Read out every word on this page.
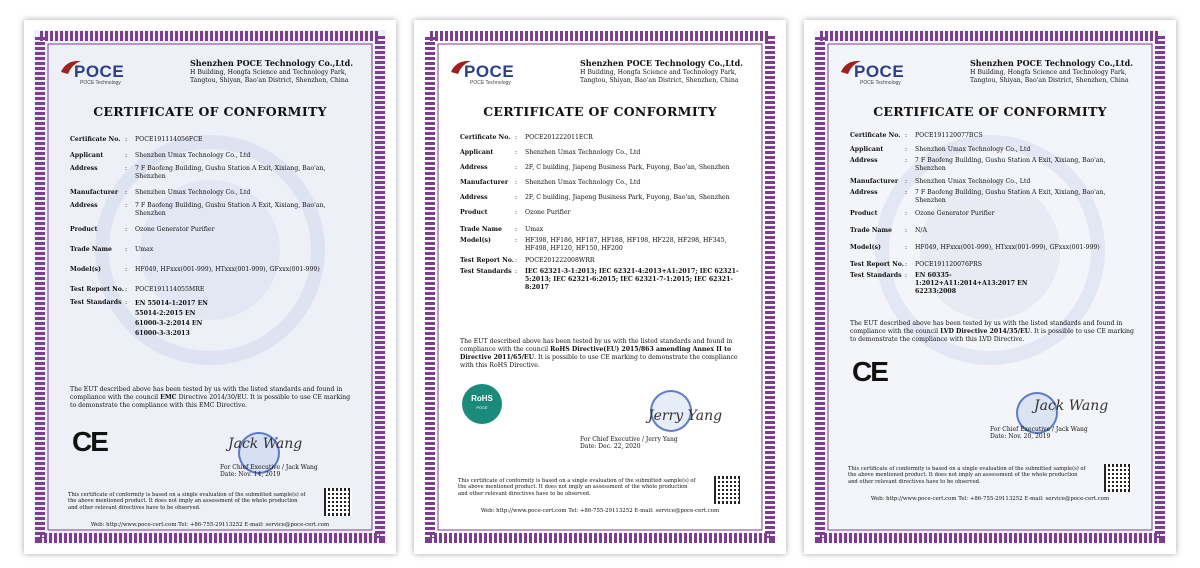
POCE
POCE Technology
Shenzhen POCE Technology Co.,Ltd.
H Building, Hongfa Science and Technology Park,
Tangtou, Shiyan, Bao'an District, Shenzhen, China
CERTIFICATE OF CONFORMITY
Certificate No. :	POCE191114056FCE
Applicant	:	Shenzhen Umax Technology Co., Ltd
Address	:	7 F Baofeng Building, Gushu Station A Exit, Xixiang, Bao'an, Shenzhen
Manufacturer	:	Shenzhen Umax Technology Co., Ltd
Address	:	7 F Baofeng Building, Gushu Station A Exit, Xixiang, Bao'an, Shenzhen
Product	:	Ozone Generator Purifier
Trade Name	:	Umax
Model(s)	:	HF049, HFxxx(001-999), HTxxx(001-999), GFxxx(001-999)
Test Report No. :	POCE191114055MRE
Test Standards :	EN 55014-1:2017 EN 55014-2:2015 EN 61000-3-2:2014 EN 61000-3-3:2013
The EUT described above has been tested by us with the listed standards and found in compliance with the council EMC Directive 2014/30/EU. It is possible to use CE marking to demonstrate the compliance with this EMC Directive.
CE	Jack Wang
For Chief Executive / Jack Wang
Date: Nov. 14, 2019
This certificate of conformity is based on a single evaluation of the submitted sample(s) of the above mentioned product. It does not imply an assessment of the whole production and other relevant directives have to be observed.
Web: http://www.poce-cert.com Tel: +86-755-29113252 E-mail: service@poce-cert.com
POCE
POCE Technology
Shenzhen POCE Technology Co.,Ltd.
H Building, Hongfa Science and Technology Park,
Tangtou, Shiyan, Bao'an District, Shenzhen, China
CERTIFICATE OF CONFORMITY
Certificate No. :	POCE201222011ECR
Applicant	:	Shenzhen Umax Technology Co., Ltd
Address	:	2F, C building, Jiapeng Business Park, Fuyong, Bao'an, Shenzhen
Manufacturer	:	Shenzhen Umax Technology Co., Ltd
Address	:	2F, C building, Jiapeng Business Park, Fuyong, Bao'an, Shenzhen
Product	:	Ozone Purifier
Trade Name	:	Umax
Model(s)	:	HF398, HF186, HF187, HF188, HF198, HF228, HF298, HF345, HF498, HF120, HF150, HF200
Test Report No. :	POCE201222008WRR
Test Standards :	IEC 62321-3-1:2013; IEC 62321-4:2013+A1:2017; IEC 62321-5:2013; IEC 62321-6:2015; IEC 62321-7-1:2015; IEC 62321-8:2017
The EUT described above has been tested by us with the listed standards and found in compliance with the council RoHS Directive(EU) 2015/863 amending Annex II to Directive 2011/65/EU. It is possible to use CE marking to demonstrate the compliance with this RoHS Directive.
RoHS
POCE
Jerry Yang
For Chief Executive / Jerry Yang
Date: Dec. 22, 2020
This certificate of conformity is based on a single evaluation of the submitted sample(s) of the above mentioned product. It does not imply an assessment of the whole production and other relevant directives have to be observed.
Web: http://www.poce-cert.com Tel: +86-755-29113252 E-mail: service@poce-cert.com
POCE
POCE Technology
Shenzhen POCE Technology Co.,Ltd.
H Building, Hongfa Science and Technology Park,
Tangtou, Shiyan, Bao'an District, Shenzhen, China
CERTIFICATE OF CONFORMITY
Certificate No. :	POCE191120077BCS
Applicant	:	Shenzhen Umax Technology Co., Ltd
Address	:	7 F Baofeng Building, Gushu Station A Exit, Xixiang, Bao'an, Shenzhen
Manufacturer	:	Shenzhen Umax Technology Co., Ltd
Address	:	7 F Baofeng Building, Gushu Station A Exit, Xixiang, Bao'an, Shenzhen
Product	:	Ozone Generator Purifier
Trade Name	:	N/A
Model(s)	:	HF049, HFxxx(001-999), HTxxx(001-999), GFxxx(001-999)
Test Report No. :	POCE191120076PRS
Test Standards :	EN 60335-1:2012+A11:2014+A13:2017 EN 62233:2008
The EUT described above has been tested by us with the listed standards and found in compliance with the council LVD Directive 2014/35/EU. It is possible to use CE marking to demonstrate the compliance with this LVD Directive.
CE
Jack Wang
For Chief Executive / Jack Wang
Date: Nov. 20, 2019
This certificate of conformity is based on a single evaluation of the submitted sample(s) of the above mentioned product. It does not imply an assessment of the whole production and other relevant directives have to be observed.
Web: http://www.poce-cert.com Tel: +86-755-29113252 E-mail: service@poce-cert.com
